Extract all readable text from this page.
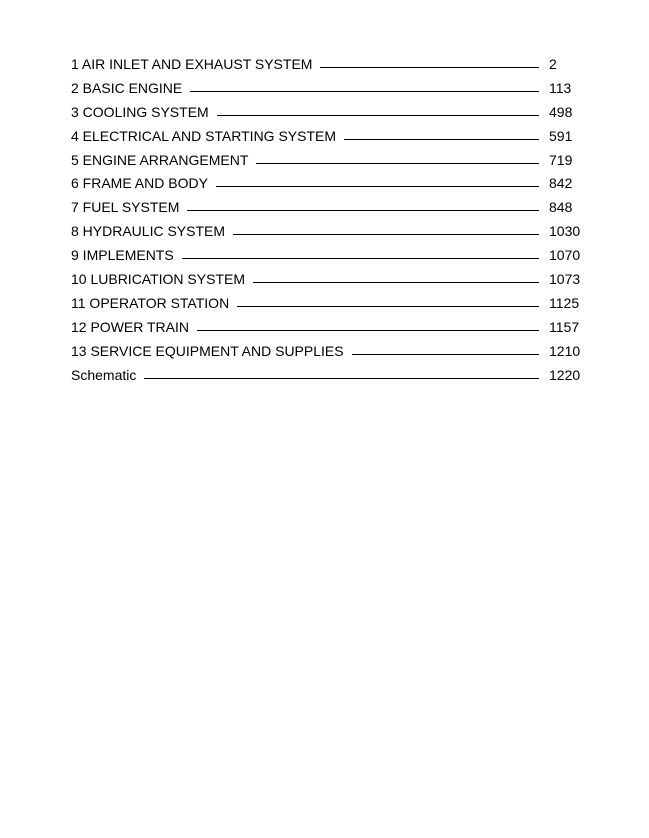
1 AIR INLET AND EXHAUST SYSTEM	2
2 BASIC ENGINE	113
3 COOLING SYSTEM	498
4 ELECTRICAL AND STARTING SYSTEM	591
5 ENGINE ARRANGEMENT	719
6 FRAME AND BODY	842
7 FUEL SYSTEM	848
8 HYDRAULIC SYSTEM	1030
9 IMPLEMENTS	1070
10 LUBRICATION SYSTEM	1073
11 OPERATOR STATION	1125
12 POWER TRAIN	1157
13 SERVICE EQUIPMENT AND SUPPLIES	1210
Schematic	1220
